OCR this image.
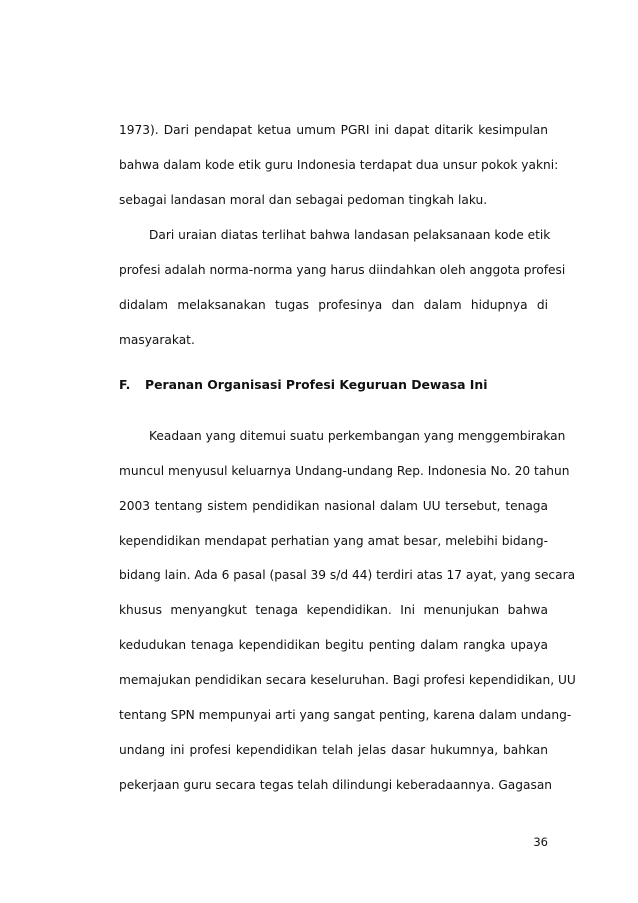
1973). Dari pendapat ketua umum PGRI ini dapat ditarik kesimpulan
bahwa dalam kode etik guru Indonesia terdapat dua unsur pokok yakni:
sebagai landasan moral dan sebagai pedoman tingkah laku.
Dari uraian diatas terlihat bahwa landasan pelaksanaan kode etik
profesi adalah norma-norma yang harus diindahkan oleh anggota profesi
didalam melaksanakan tugas profesinya dan dalam hidupnya di
masyarakat.
F. Peranan Organisasi Profesi Keguruan Dewasa Ini
Keadaan yang ditemui suatu perkembangan yang menggembirakan
muncul menyusul keluarnya Undang-undang Rep. Indonesia No. 20 tahun
2003 tentang sistem pendidikan nasional dalam UU tersebut, tenaga
kependidikan mendapat perhatian yang amat besar, melebihi bidang-
bidang lain. Ada 6 pasal (pasal 39 s/d 44) terdiri atas 17 ayat, yang secara
khusus menyangkut tenaga kependidikan. Ini menunjukan bahwa
kedudukan tenaga kependidikan begitu penting dalam rangka upaya
memajukan pendidikan secara keseluruhan. Bagi profesi kependidikan, UU
tentang SPN mempunyai arti yang sangat penting, karena dalam undang-
undang ini profesi kependidikan telah jelas dasar hukumnya, bahkan
pekerjaan guru secara tegas telah dilindungi keberadaannya. Gagasan
36
